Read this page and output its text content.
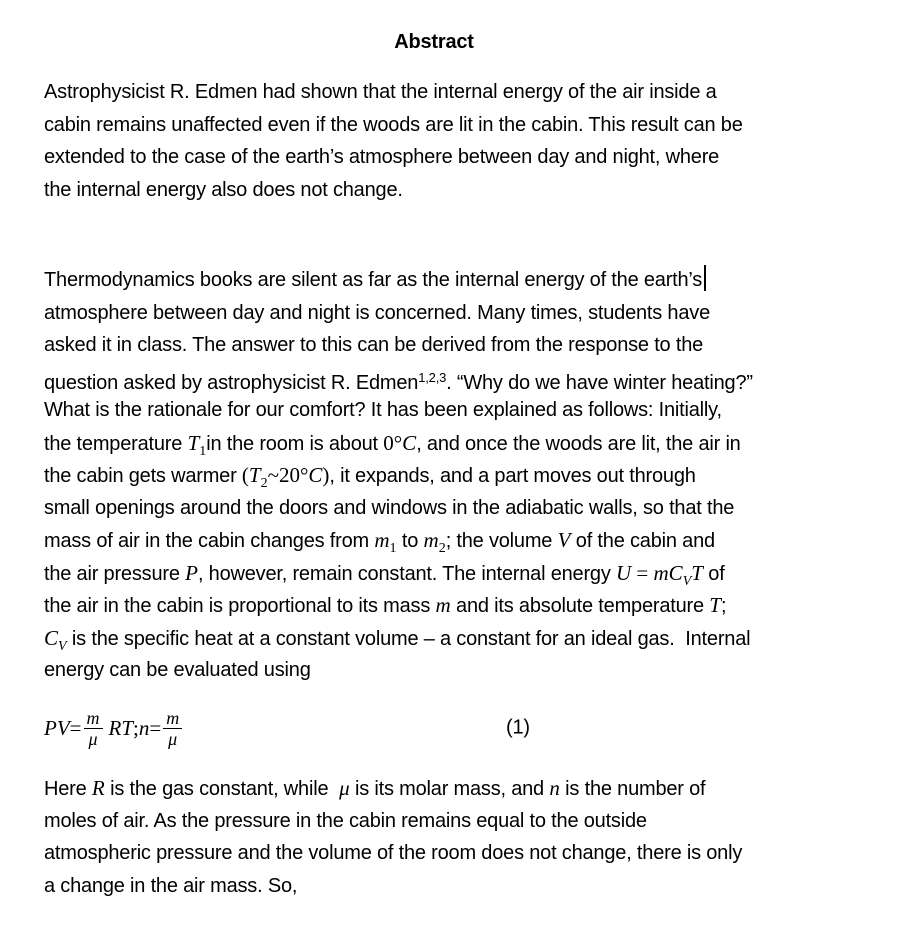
Abstract
Astrophysicist R. Edmen had shown that the internal energy of the air inside a
cabin remains unaffected even if the woods are lit in the cabin. This result can be
extended to the case of the earth’s atmosphere between day and night, where
the internal energy also does not change.
Thermodynamics books are silent as far as the internal energy of the earth’s
atmosphere between day and night is concerned. Many times, students have
asked it in class. The answer to this can be derived from the response to the
question asked by astrophysicist R. Edmen$^{1,2,3}$. “Why do we have winter heating?”
What is the rationale for our comfort? It has been explained as follows: Initially,
the temperature $T_1in$ the room is about 0°C, and once the woods are lit, the air in
the cabin gets warmer $(T_2\sim 20^\circ C)$, it expands, and a part moves out through
small openings around the doors and windows in the adiabatic walls, so that the
mass of air in the cabin changes from $m_1$ to $m_2$; the volume V of the cabin and
the air pressure P, however, remain constant. The internal energy $U = mC_VT$ of
the air in the cabin is proportional to its mass m and its absolute temperature T;
$C_V$ is the specific heat at a constant volume – a constant for an ideal gas.  Internal
energy can be evaluated using
PV = $\frac{m}{\mu}$ RT ; $n = \frac{m}{\mu}$	(1)
Here R is the gas constant, while  μ is its molar mass, and n is the number of
moles of air. As the pressure in the cabin remains equal to the outside
atmospheric pressure and the volume of the room does not change, there is only
a change in the air mass. So,
